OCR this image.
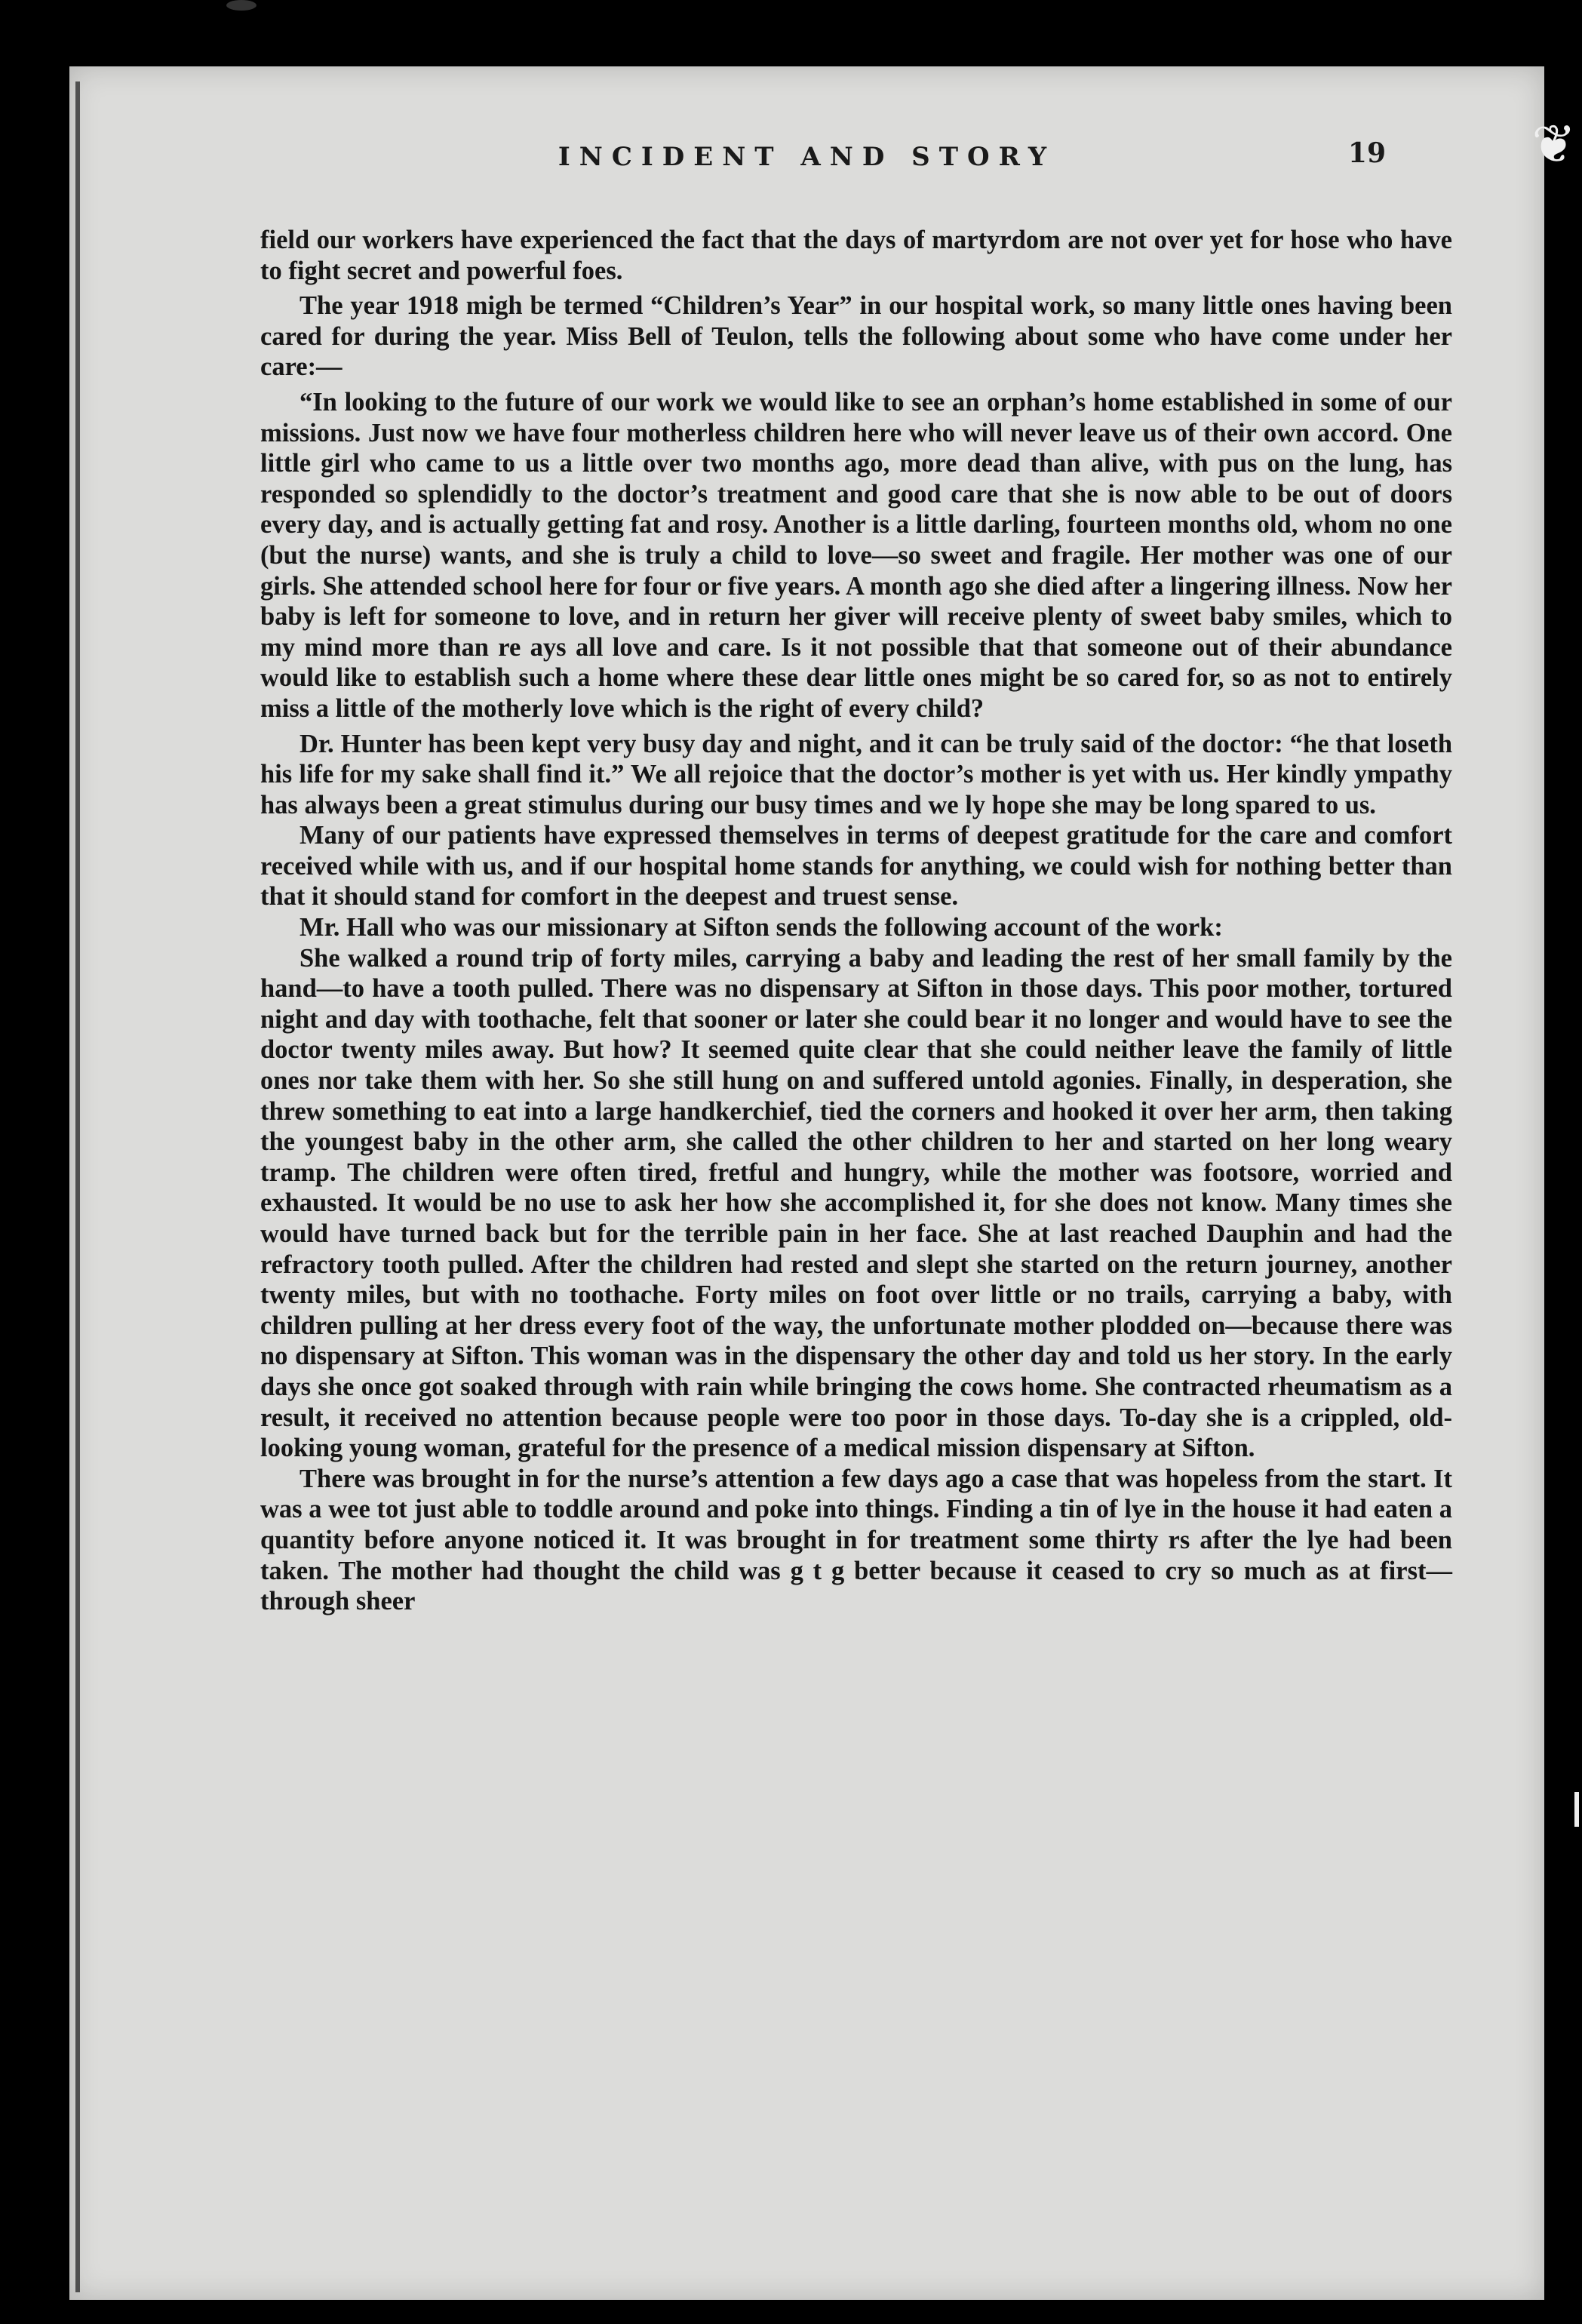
INCIDENT AND STORY	19

field our workers have experienced the fact that the days of martyrdom are not over yet for hose who have to fight secret and powerful foes.

The year 1918 migh be termed “Children’s Year” in our hospital work, so many little ones having been cared for during the year. Miss Bell of Teulon, tells the following about some who have come under her care:—

“In looking to the future of our work we would like to see an orphan’s home established in some of our missions. Just now we have four motherless children here who will never leave us of their own accord. One little girl who came to us a little over two months ago, more dead than alive, with pus on the lung, has responded so splendidly to the doctor’s treatment and good care that she is now able to be out of doors every day, and is actually getting fat and rosy. Another is a little darling, fourteen months old, whom no one (but the nurse) wants, and she is truly a child to love—so sweet and fragile. Her mother was one of our girls. She attended school here for four or five years. A month ago she died after a lingering illness. Now her baby is left for someone to love, and in return her giver will receive plenty of sweet baby smiles, which to my mind more than re ays all love and care. Is it not possible that that someone out of their abundance would like to establish such a home where these dear little ones might be so cared for, so as not to entirely miss a little of the motherly love which is the right of every child?

Dr. Hunter has been kept very busy day and night, and it can be truly said of the doctor: “he that loseth his life for my sake shall find it.” We all rejoice that the doctor’s mother is yet with us. Her kindly ympathy has always been a great stimulus during our busy times and we ly hope she may be long spared to us.

Many of our patients have expressed themselves in terms of deepest gratitude for the care and comfort received while with us, and if our hospital home stands for anything, we could wish for nothing better than that it should stand for comfort in the deepest and truest sense.

Mr. Hall who was our missionary at Sifton sends the following account of the work:

She walked a round trip of forty miles, carrying a baby and leading the rest of her small family by the hand—to have a tooth pulled. There was no dispensary at Sifton in those days. This poor mother, tortured night and day with toothache, felt that sooner or later she could bear it no longer and would have to see the doctor twenty miles away. But how? It seemed quite clear that she could neither leave the family of little ones nor take them with her. So she still hung on and suffered untold agonies. Finally, in desperation, she threw something to eat into a large handkerchief, tied the corners and hooked it over her arm, then taking the youngest baby in the other arm, she called the other children to her and started on her long weary tramp. The children were often tired, fretful and hungry, while the mother was footsore, worried and exhausted. It would be no use to ask her how she accomplished it, for she does not know. Many times she would have turned back but for the terrible pain in her face. She at last reached Dauphin and had the refractory tooth pulled. After the children had rested and slept she started on the return journey, another twenty miles, but with no toothache. Forty miles on foot over little or no trails, carrying a baby, with children pulling at her dress every foot of the way, the unfortunate mother plodded on—because there was no dispensary at Sifton. This woman was in the dispensary the other day and told us her story. In the early days she once got soaked through with rain while bringing the cows home. She contracted rheumatism as a result, it received no attention because people were too poor in those days. To-day she is a crippled, old-looking young woman, grateful for the presence of a medical mission dispensary at Sifton.

There was brought in for the nurse’s attention a few days ago a case that was hopeless from the start. It was a wee tot just able to toddle around and poke into things. Finding a tin of lye in the house it had eaten a quantity before anyone noticed it. It was brought in for treatment some thirty rs after the lye had been taken. The mother had thought the child was g t g better because it ceased to cry so much as at first—through sheer

❦
